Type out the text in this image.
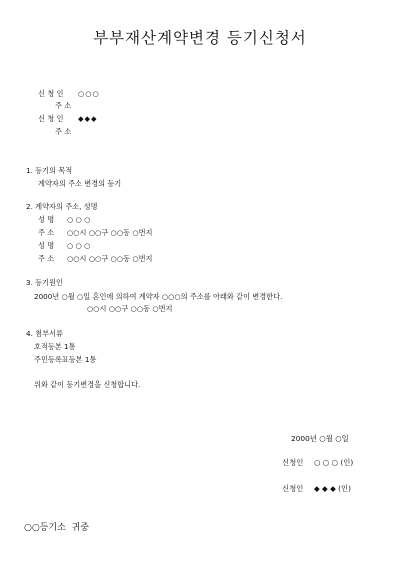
부부재산계약변경 등기신청서
신 청 인 ○○○
주 소
신 청 인 ◆◆◆
주 소
1. 등기의 목적
계약자의 주소 변경의 등기
2. 계약자의 주소, 성명
성 명 ○ ○ ○
주 소 ○○시 ○○구 ○○동 ○번지
성 명 ○ ○ ○
주 소 ○○시 ○○구 ○○동 ○번지
3. 등기원인
2000년 ○월 ○일 혼인에 의하여 계약자 ○○○의 주소를 아래와 같이 변경한다.
○○시 ○○구 ○○동 ○번지
4. 첨부서류
호적등본 1통
주민등록표등본 1통
위와 같이 등기변경을 신청합니다.
2000년 ○월 ○일
신청인 ○ ○ ○ (인)
신청인 ◆ ◆ ◆ (인)
○○등기소  귀중
